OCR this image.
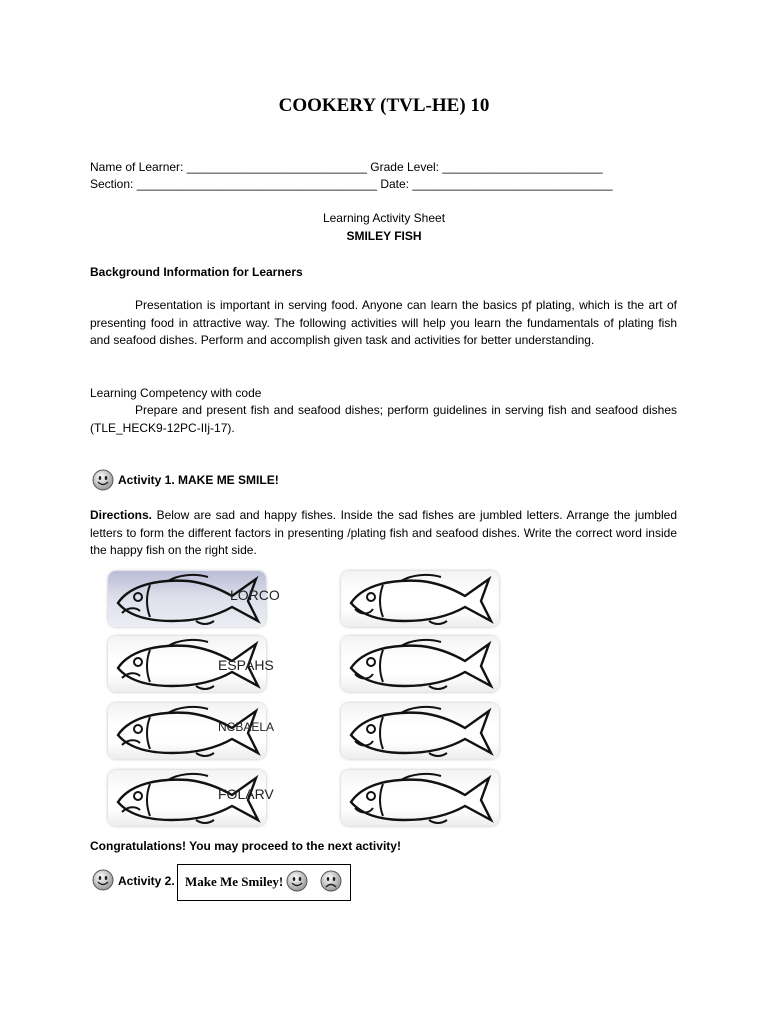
COOKERY (TVL-HE) 10
Name of Learner: ___________________________ Grade Level: ________________________
Section: ____________________________________ Date: ______________________________
Learning Activity Sheet
SMILEY FISH
Background Information for Learners
Presentation is important in serving food. Anyone can learn the basics pf plating, which is the art of presenting food in attractive way. The following activities will help you learn the fundamentals of plating fish and seafood dishes. Perform and accomplish given task and activities for better understanding.
Learning Competency with code
Prepare and present fish and seafood dishes; perform guidelines in serving fish and seafood dishes (TLE_HECK9-12PC-IIj-17).
Activity 1. MAKE ME SMILE!
Directions. Below are sad and happy fishes. Inside the sad fishes are jumbled letters. Arrange the jumbled letters to form the different factors in presenting /plating fish and seafood dishes. Write the correct word inside the happy fish on the right side.
LORCO
ESPAHS
NCBAELA
FOLARV
Congratulations! You may proceed to the next activity!
Activity 2. Make Me Smiley!
